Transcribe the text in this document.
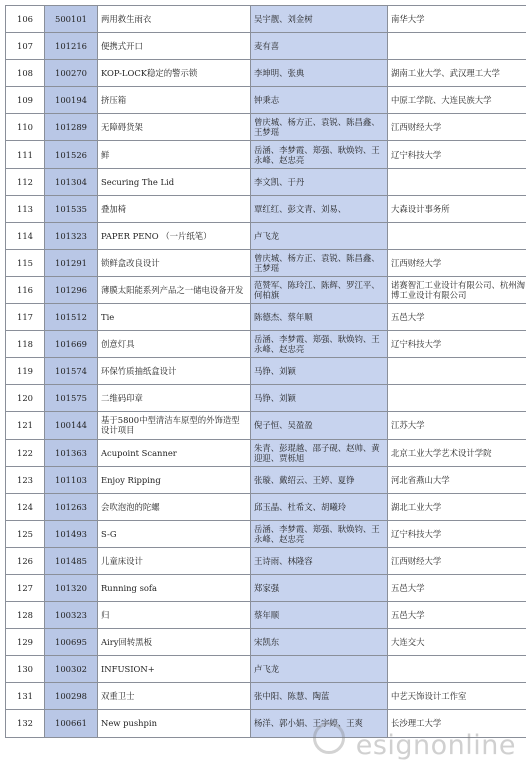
106	500101	两用救生雨衣	吴宇靓、刘金树	南华大学
107	101216	便携式开口	麦有喜	
108	100270	KOP-LOCK稳定的警示锁	李坤明、张典	湖南工业大学、武汉理工大学
109	100194	挤压箱	钟秉志	中原工学院、大连民族大学
110	101289	无障碍货架	曾庆城、杨方正、袁锐、陈昌鑫、王梦瑶	江西财经大学
111	101526	鲜	岳涵、李梦霞、郑强、耿焕钧、王永峰、赵忠亮	辽宁科技大学
112	101304	Securing The Lid	李文凯、于丹	
113	101535	叠加椅	覃红红、彭文青、刘易、	大森设计事务所
114	101323	PAPER PENO （一片纸笔）	卢飞龙	
115	101291	锁鲜盒改良设计	曾庆城、杨方正、袁锐、陈昌鑫、王梦瑶	江西财经大学
116	101296	薄膜太阳能系列产品之一储电设备开发	范赞军、陈玲江、陈辉、罗江平、何柏旗	诺赛智汇工业设计有限公司、杭州淘博工业设计有限公司
117	101512	Tie	陈德杰、蔡年顺	五邑大学
118	101669	创意灯具	岳涵、李梦霞、郑强、耿焕钧、王永峰、赵忠亮	辽宁科技大学
119	101574	环保竹质抽纸盒设计	马铮、刘颖	
120	101575	二维码印章	马铮、刘颖	
121	100144	基于5800中型清洁车原型的外饰造型设计项目	倪子恒、吴盈盈	江苏大学
122	101363	Acupoint Scanner	朱青、彭琨越、邵子砚、赵帅、黄迎迎、贾栎旭	北京工业大学艺术设计学院
123	101103	Enjoy Ripping	张璇、戴绍云、王婷、夏铮	河北省燕山大学
124	101263	会吹泡泡的陀螺	邱玉晶、杜希文、胡曦玲	湖北工业大学
125	101493	S-G	岳涵、李梦霞、郑强、耿焕钧、王永峰、赵忠亮	辽宁科技大学
126	101485	儿童床设计	王诗雨、林隆容	江西财经大学
127	101320	Running sofa	郑家强	五邑大学
128	100323	归	蔡年顺	五邑大学
129	100695	Airy回转黑板	宋凯东	大连交大
130	100302	INFUSION+	卢飞龙	
131	100298	双重卫士	张中阳、陈慧、陶蓝	中艺天饰设计工作室
132	100661	New pushpin	杨洋、郭小娟、王宇婷、王爽	长沙理工大学
esignonline
